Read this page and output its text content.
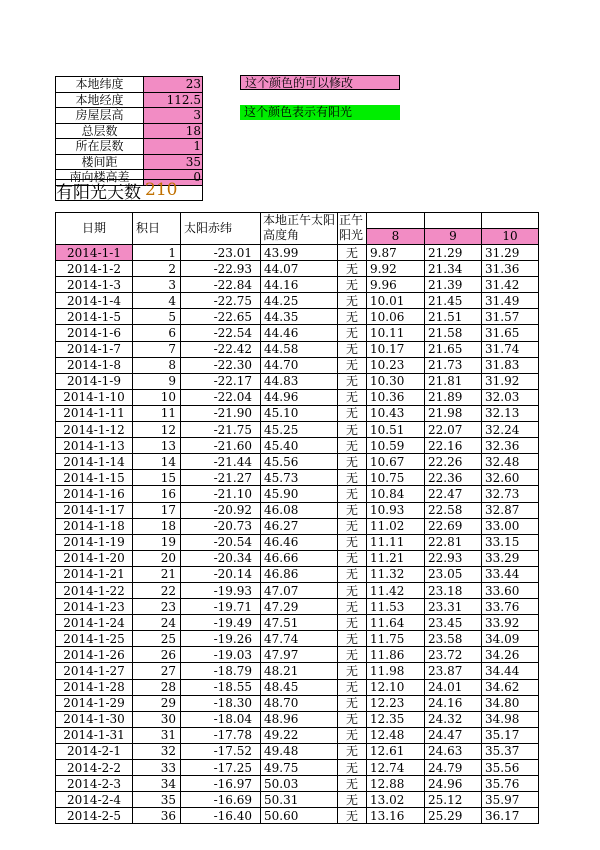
本地纬度	23
本地经度	112.5
房屋层高	3
总层数	18
所在层数	1
楼间距	35
南向楼高差	0
这个颜色的可以修改
这个颜色表示有阳光
有阳光天数 210
日期	积日	太阳赤纬	本地正午太阳高度角	正午阳光	8	9	10

2014-1-1	1	-23.01	43.99	无	9.87	21.29	31.29
2014-1-2	2	-22.93	44.07	无	9.92	21.34	31.36
2014-1-3	3	-22.84	44.16	无	9.96	21.39	31.42
2014-1-4	4	-22.75	44.25	无	10.01	21.45	31.49
2014-1-5	5	-22.65	44.35	无	10.06	21.51	31.57
2014-1-6	6	-22.54	44.46	无	10.11	21.58	31.65
2014-1-7	7	-22.42	44.58	无	10.17	21.65	31.74
2014-1-8	8	-22.30	44.70	无	10.23	21.73	31.83
2014-1-9	9	-22.17	44.83	无	10.30	21.81	31.92
2014-1-10	10	-22.04	44.96	无	10.36	21.89	32.03
2014-1-11	11	-21.90	45.10	无	10.43	21.98	32.13
2014-1-12	12	-21.75	45.25	无	10.51	22.07	32.24
2014-1-13	13	-21.60	45.40	无	10.59	22.16	32.36
2014-1-14	14	-21.44	45.56	无	10.67	22.26	32.48
2014-1-15	15	-21.27	45.73	无	10.75	22.36	32.60
2014-1-16	16	-21.10	45.90	无	10.84	22.47	32.73
2014-1-17	17	-20.92	46.08	无	10.93	22.58	32.87
2014-1-18	18	-20.73	46.27	无	11.02	22.69	33.00
2014-1-19	19	-20.54	46.46	无	11.11	22.81	33.15
2014-1-20	20	-20.34	46.66	无	11.21	22.93	33.29
2014-1-21	21	-20.14	46.86	无	11.32	23.05	33.44
2014-1-22	22	-19.93	47.07	无	11.42	23.18	33.60
2014-1-23	23	-19.71	47.29	无	11.53	23.31	33.76
2014-1-24	24	-19.49	47.51	无	11.64	23.45	33.92
2014-1-25	25	-19.26	47.74	无	11.75	23.58	34.09
2014-1-26	26	-19.03	47.97	无	11.86	23.72	34.26
2014-1-27	27	-18.79	48.21	无	11.98	23.87	34.44
2014-1-28	28	-18.55	48.45	无	12.10	24.01	34.62
2014-1-29	29	-18.30	48.70	无	12.23	24.16	34.80
2014-1-30	30	-18.04	48.96	无	12.35	24.32	34.98
2014-1-31	31	-17.78	49.22	无	12.48	24.47	35.17
2014-2-1	32	-17.52	49.48	无	12.61	24.63	35.37
2014-2-2	33	-17.25	49.75	无	12.74	24.79	35.56
2014-2-3	34	-16.97	50.03	无	12.88	24.96	35.76
2014-2-4	35	-16.69	50.31	无	13.02	25.12	35.97
2014-2-5	36	-16.40	50.60	无	13.16	25.29	36.17
